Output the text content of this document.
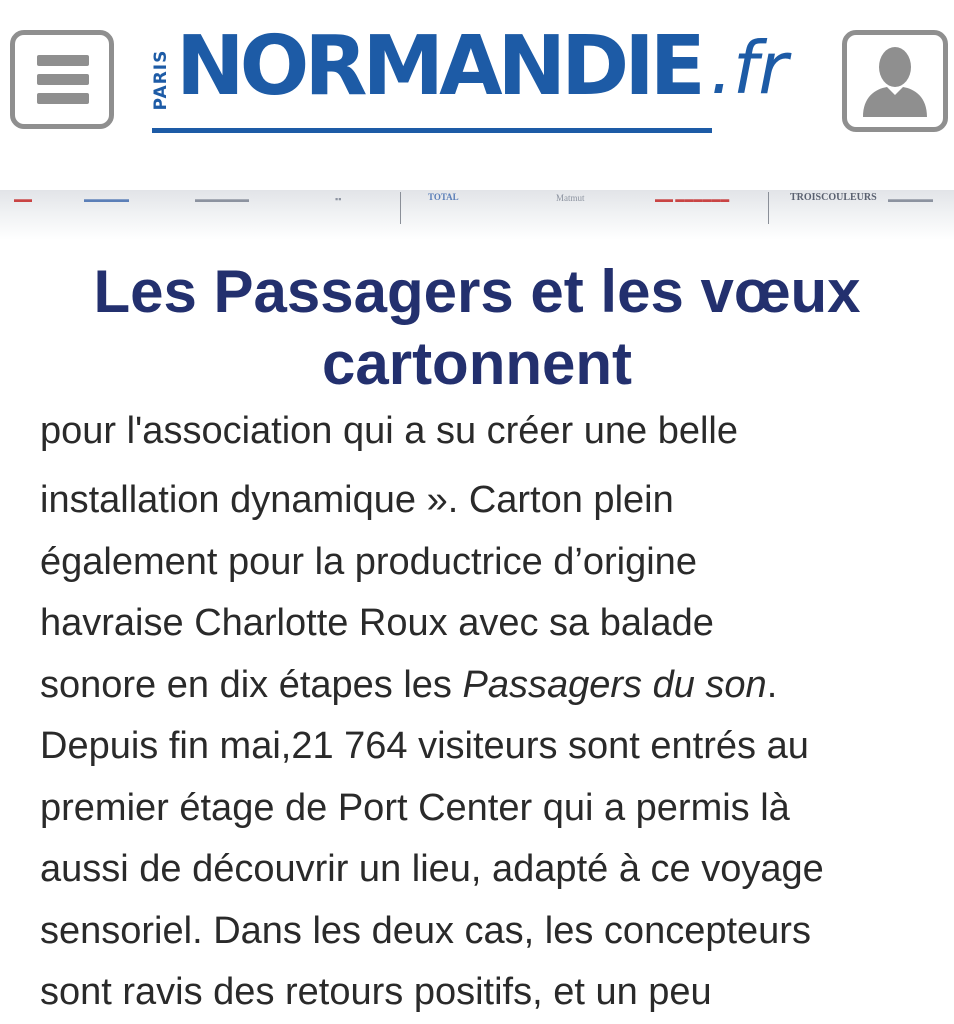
PARIS NORMANDIE .fr
▬▬	▬▬▬▬▬	▬▬▬▬▬▬	▪▪	TOTAL	Matmut	▬▬ ▬▬▬▬▬▬	TROISCOULEURS ▬▬▬▬▬
Les Passagers et les vœux
cartonnent
pour l'association qui a su créer une belle

installation dynamique ». Carton plein
également pour la productrice d’origine
havraise Charlotte Roux avec sa balade
sonore en dix étapes les Passagers du son.
Depuis fin mai,21 764 visiteurs sont entrés au
premier étage de Port Center qui a permis là
aussi de découvrir un lieu, adapté à ce voyage
sensoriel. Dans les deux cas, les concepteurs
sont ravis des retours positifs, et un peu
